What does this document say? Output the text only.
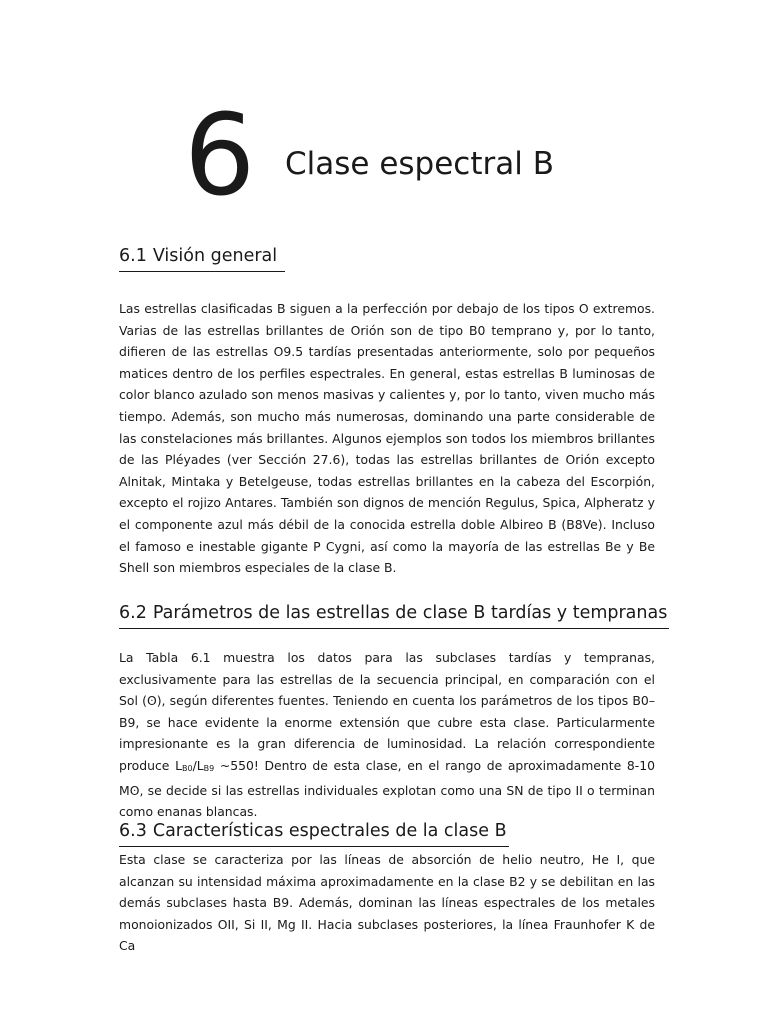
6 Clase espectral B
6.1 Visión general

Las estrellas clasificadas B siguen a la perfección por debajo de los tipos O extremos. Varias de las estrellas brillantes de Orión son de tipo B0 temprano y, por lo tanto, difieren de las estrellas O9.5 tardías presentadas anteriormente, solo por pequeños matices dentro de los perfiles espectrales. En general, estas estrellas B luminosas de color blanco azulado son menos masivas y calientes y, por lo tanto, viven mucho más tiempo. Además, son mucho más numerosas, dominando una parte considerable de las constelaciones más brillantes. Algunos ejemplos son todos los miembros brillantes de las Pléyades (ver Sección 27.6), todas las estrellas brillantes de Orión excepto Alnitak, Mintaka y Betelgeuse, todas estrellas brillantes en la cabeza del Escorpión, excepto el rojizo Antares. También son dignos de mención Regulus, Spica, Alpheratz y el componente azul más débil de la conocida estrella doble Albireo B (B8Ve). Incluso el famoso e inestable gigante P Cygni, así como la mayoría de las estrellas Be y Be Shell son miembros especiales de la clase B.

6.2 Parámetros de las estrellas de clase B tardías y tempranas

La Tabla 6.1 muestra los datos para las subclases tardías y tempranas, exclusivamente para las estrellas de la secuencia principal, en comparación con el Sol (ʘ), según diferentes fuentes. Teniendo en cuenta los parámetros de los tipos B0–B9, se hace evidente la enorme extensión que cubre esta clase. Particularmente impresionante es la gran diferencia de luminosidad. La relación correspondiente produce $L_{B0}/L_{B9}$ ~550! Dentro de esta clase, en el rango de aproximadamente 8-10 Mʘ, se decide si las estrellas individuales explotan como una SN de tipo II o terminan como enanas blancas.

6.3 Características espectrales de la clase B

Esta clase se caracteriza por las líneas de absorción de helio neutro, He I, que alcanzan su intensidad máxima aproximadamente en la clase B2 y se debilitan en las demás subclases hasta B9. Además, dominan las líneas espectrales de los metales monoionizados OII, Si II, Mg II. Hacia subclases posteriores, la línea Fraunhofer K de Ca
